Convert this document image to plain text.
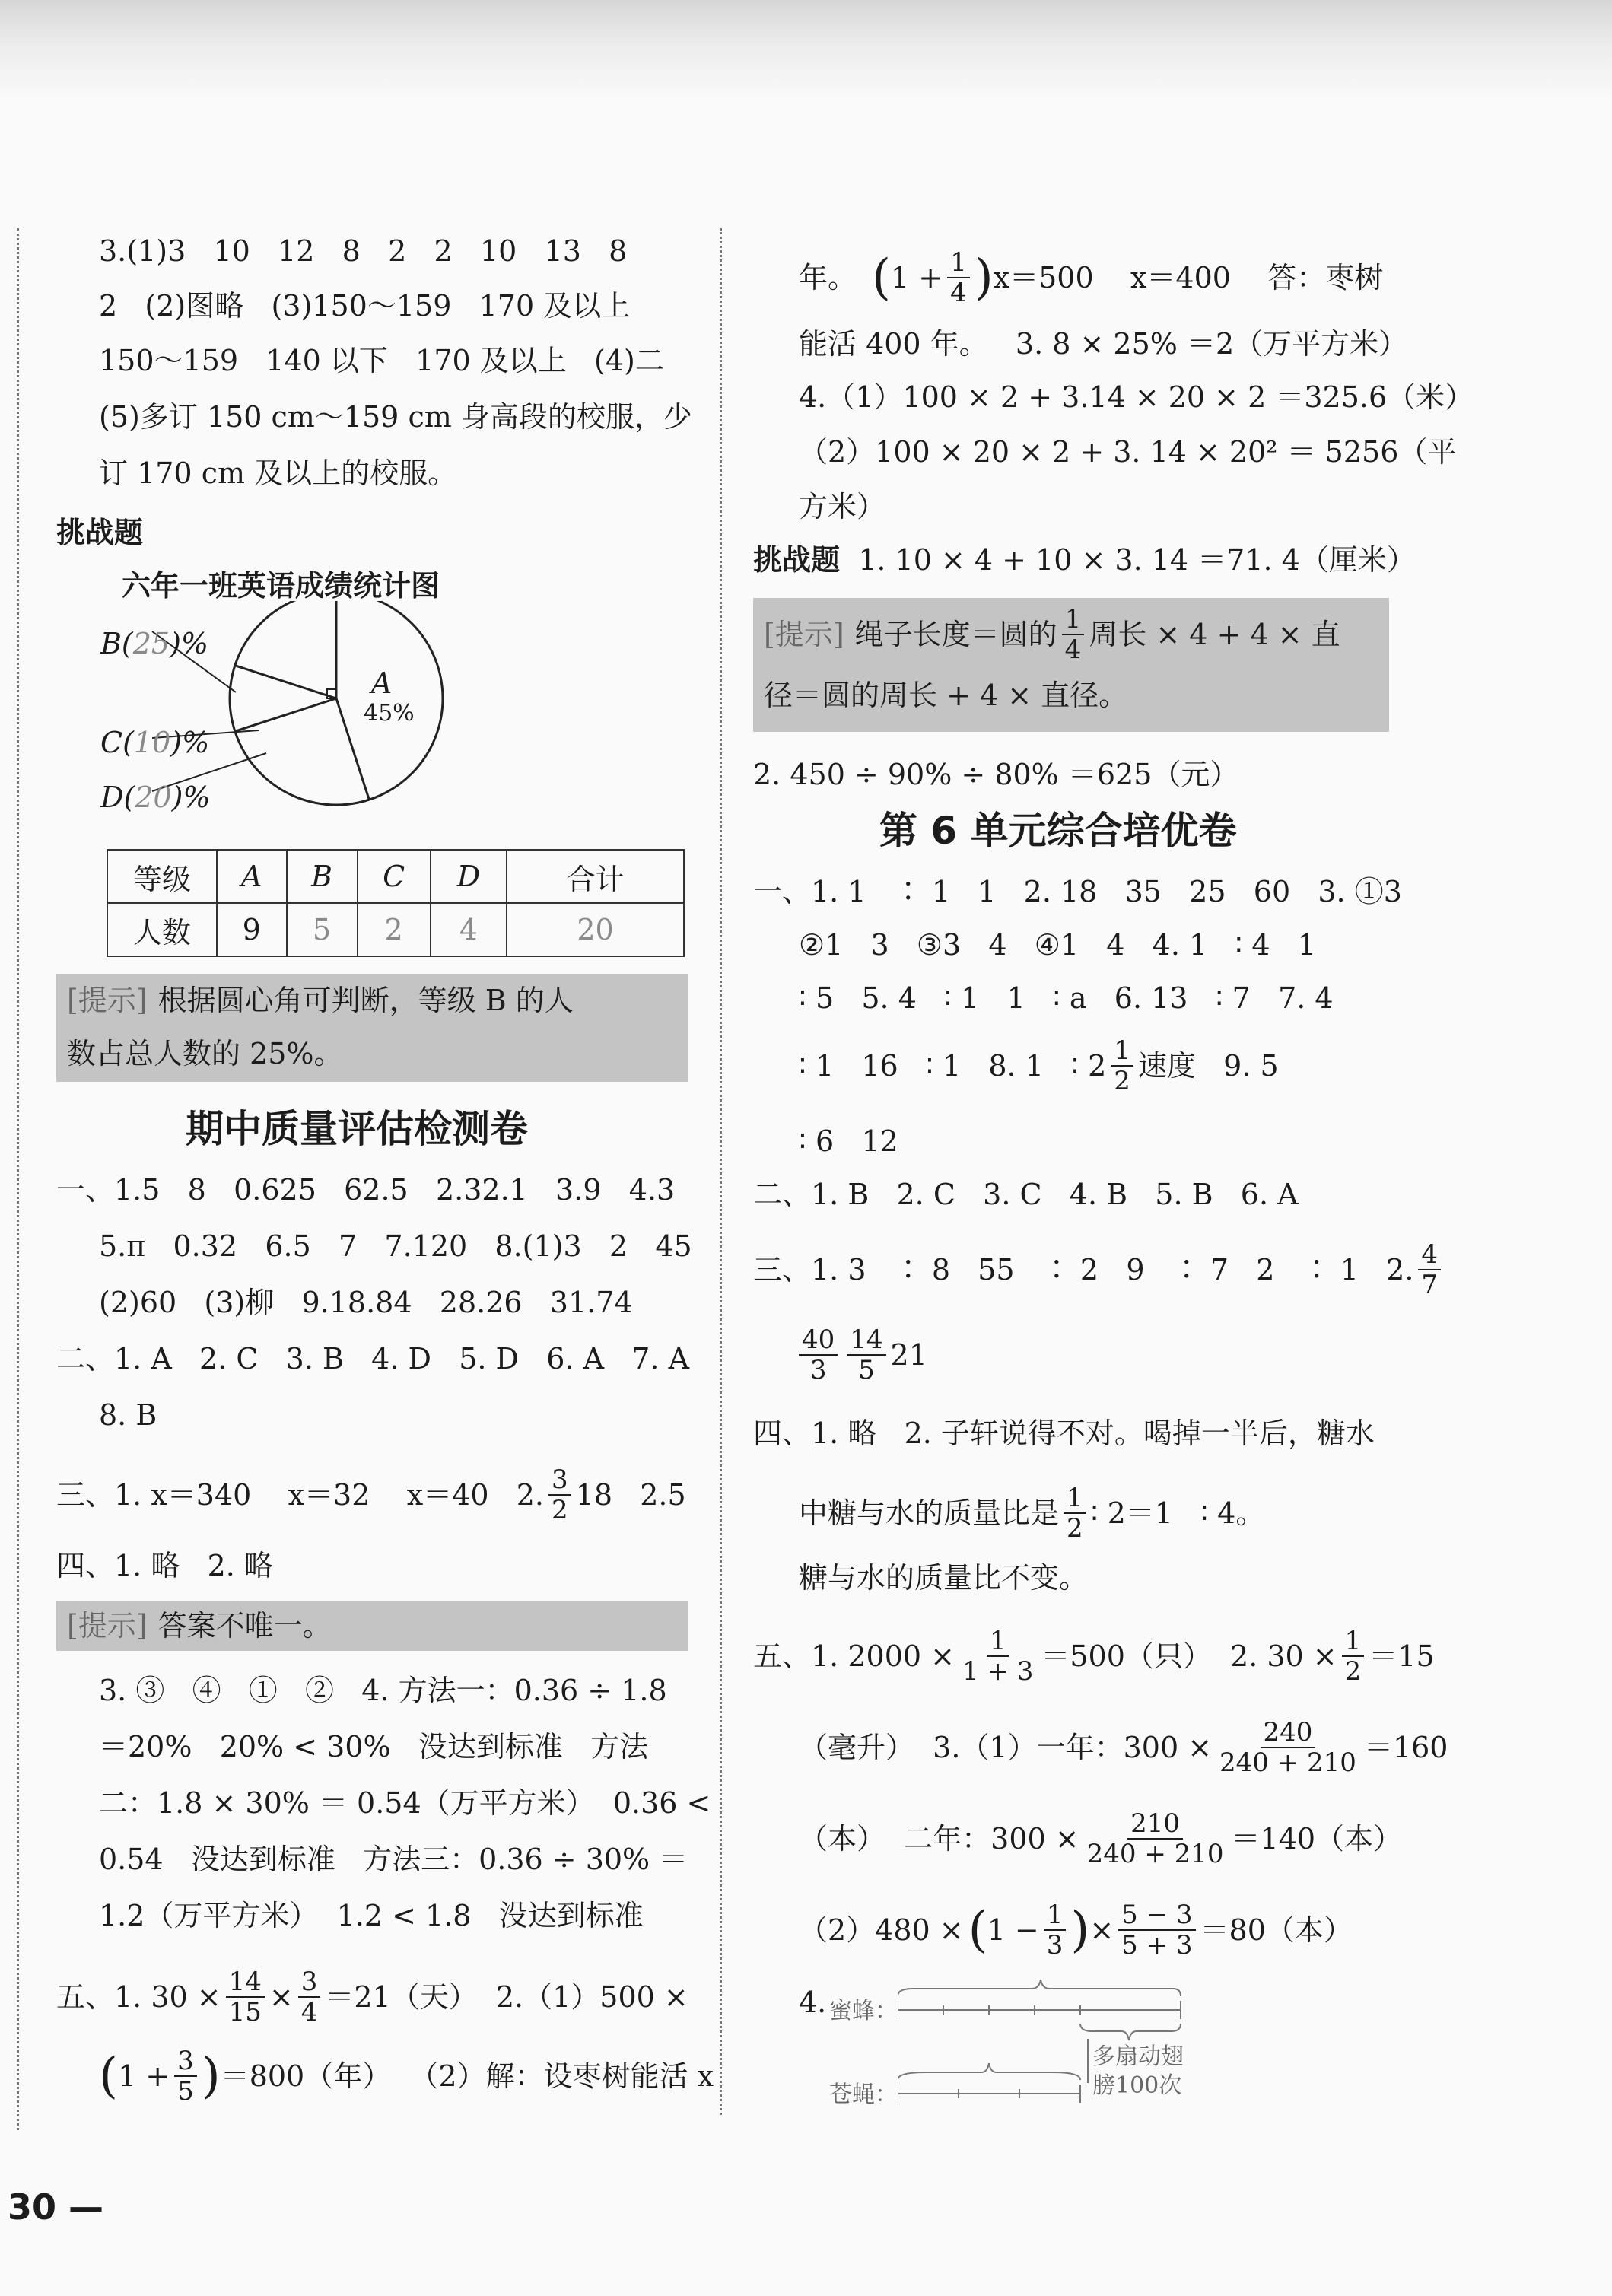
3.(1)3   10   12   8   2   2   10   13   8
2   (2)图略   (3)150～159   170 及以上
150～159   140 以下   170 及以上   (4)二
(5)多订 150 cm～159 cm 身高段的校服，少
订 170 cm 及以上的校服。
挑战题
六年一班英语成绩统计图
B(25)%
A
45%
C(10)%
D(20)%
等级	A	B	C	D	合计
人数	9	5	2	4	20
[提示] 根据圆心角可判断，等级 B 的人
数占总人数的 25%。
期中质量评估检测卷
一、1.5   8   0.625   62.5   2.32.1   3.9   4.3
5.π   0.32   6.5   7   7.120   8.(1)3   2   45
(2)60   (3)柳   9.18.84   28.26   31.74
二、1. A   2. C   3. B   4. D   5. D   6. A   7. A
8. B
三、1. x＝340    x＝32    x＝40   2. $\frac{3}{2} 18$   2.5
四、1. 略   2. 略
[提示] 答案不唯一。
3. ③   ④   ①   ②   4. 方法一：0.36 ÷ 1.8
＝20%   20% < 30%   没达到标准   方法
二：1.8 × 30% ＝ 0.54（万平方米）  0.36 <
0.54   没达到标准   方法三：0.36 ÷ 30% ＝
1.2（万平方米）  1.2 < 1.8   没达到标准
五、1. $30 \times \frac{14}{15} \times \frac{3}{4} =21$（天）  2.（1）500 ×
( $1 + \frac{3}{5}$ ) ＝800（年）  （2）解：设枣树能活 x
年。 ( $1 + \frac{1}{4}$ ) x＝500    x＝400    答：枣树
能活 400 年。   3. 8 × 25% ＝2（万平方米）
4.（1）100 × 2 + 3.14 × 20 × 2 ＝325.6（米）
（2）100 × 20 × 2 + 3. 14 × 20² ＝ 5256（平
方米）
挑战题 1. 10 × 4 + 10 × 3. 14 ＝71. 4（厘米）
[提示] 绳子长度＝圆的 $\frac{1}{4}$ 周长 × 4 + 4 × 直
径＝圆的周长 + 4 × 直径。
2. 450 ÷ 90% ÷ 80% ＝625（元）
第 6 单元综合培优卷
一、1. 1   ∶ 1   1   2. 18   35   25   60   3. ①3
②1   3   ③3   4   ④1   4   4. 1   ∶ 4   1
∶ 5   5. 4   ∶ 1   1   ∶ a   6. 13   ∶ 7   7. 4
∶ 1   16   ∶ 1   8. 1   ∶ $2 \frac{1}{2}$ 速度   9. 5
∶ 6   12
二、1. B   2. C   3. C   4. B   5. B   6. A
三、1. 3   ∶ 8   55   ∶ 2   9   ∶ 7   2   ∶ 1   2. $\frac{4}{7}$
$\frac{40}{3} \frac{14}{5} 21$
四、1. 略   2. 子轩说得不对。喝掉一半后，糖水
中糖与水的质量比是 $\frac{1}{2}$ ∶ 2＝1   ∶ 4。
糖与水的质量比不变。
五、1. $2000 \times \frac{1}{1 + 3} =500$（只）  2. $30 \times \frac{1}{2} =15$
（毫升）  3.（1）一年：$300 \times \frac{240}{240 + 210} =160$
（本）  二年：$300 \times \frac{210}{240 + 210} =140$（本）
（2）480 × ( $1 - \frac{1}{3}$ ) × $\frac{5 - 3}{5 + 3} =80$（本）
4. 蜜蜂：
苍蝇：
多扇动翅
膀100次
30 —
